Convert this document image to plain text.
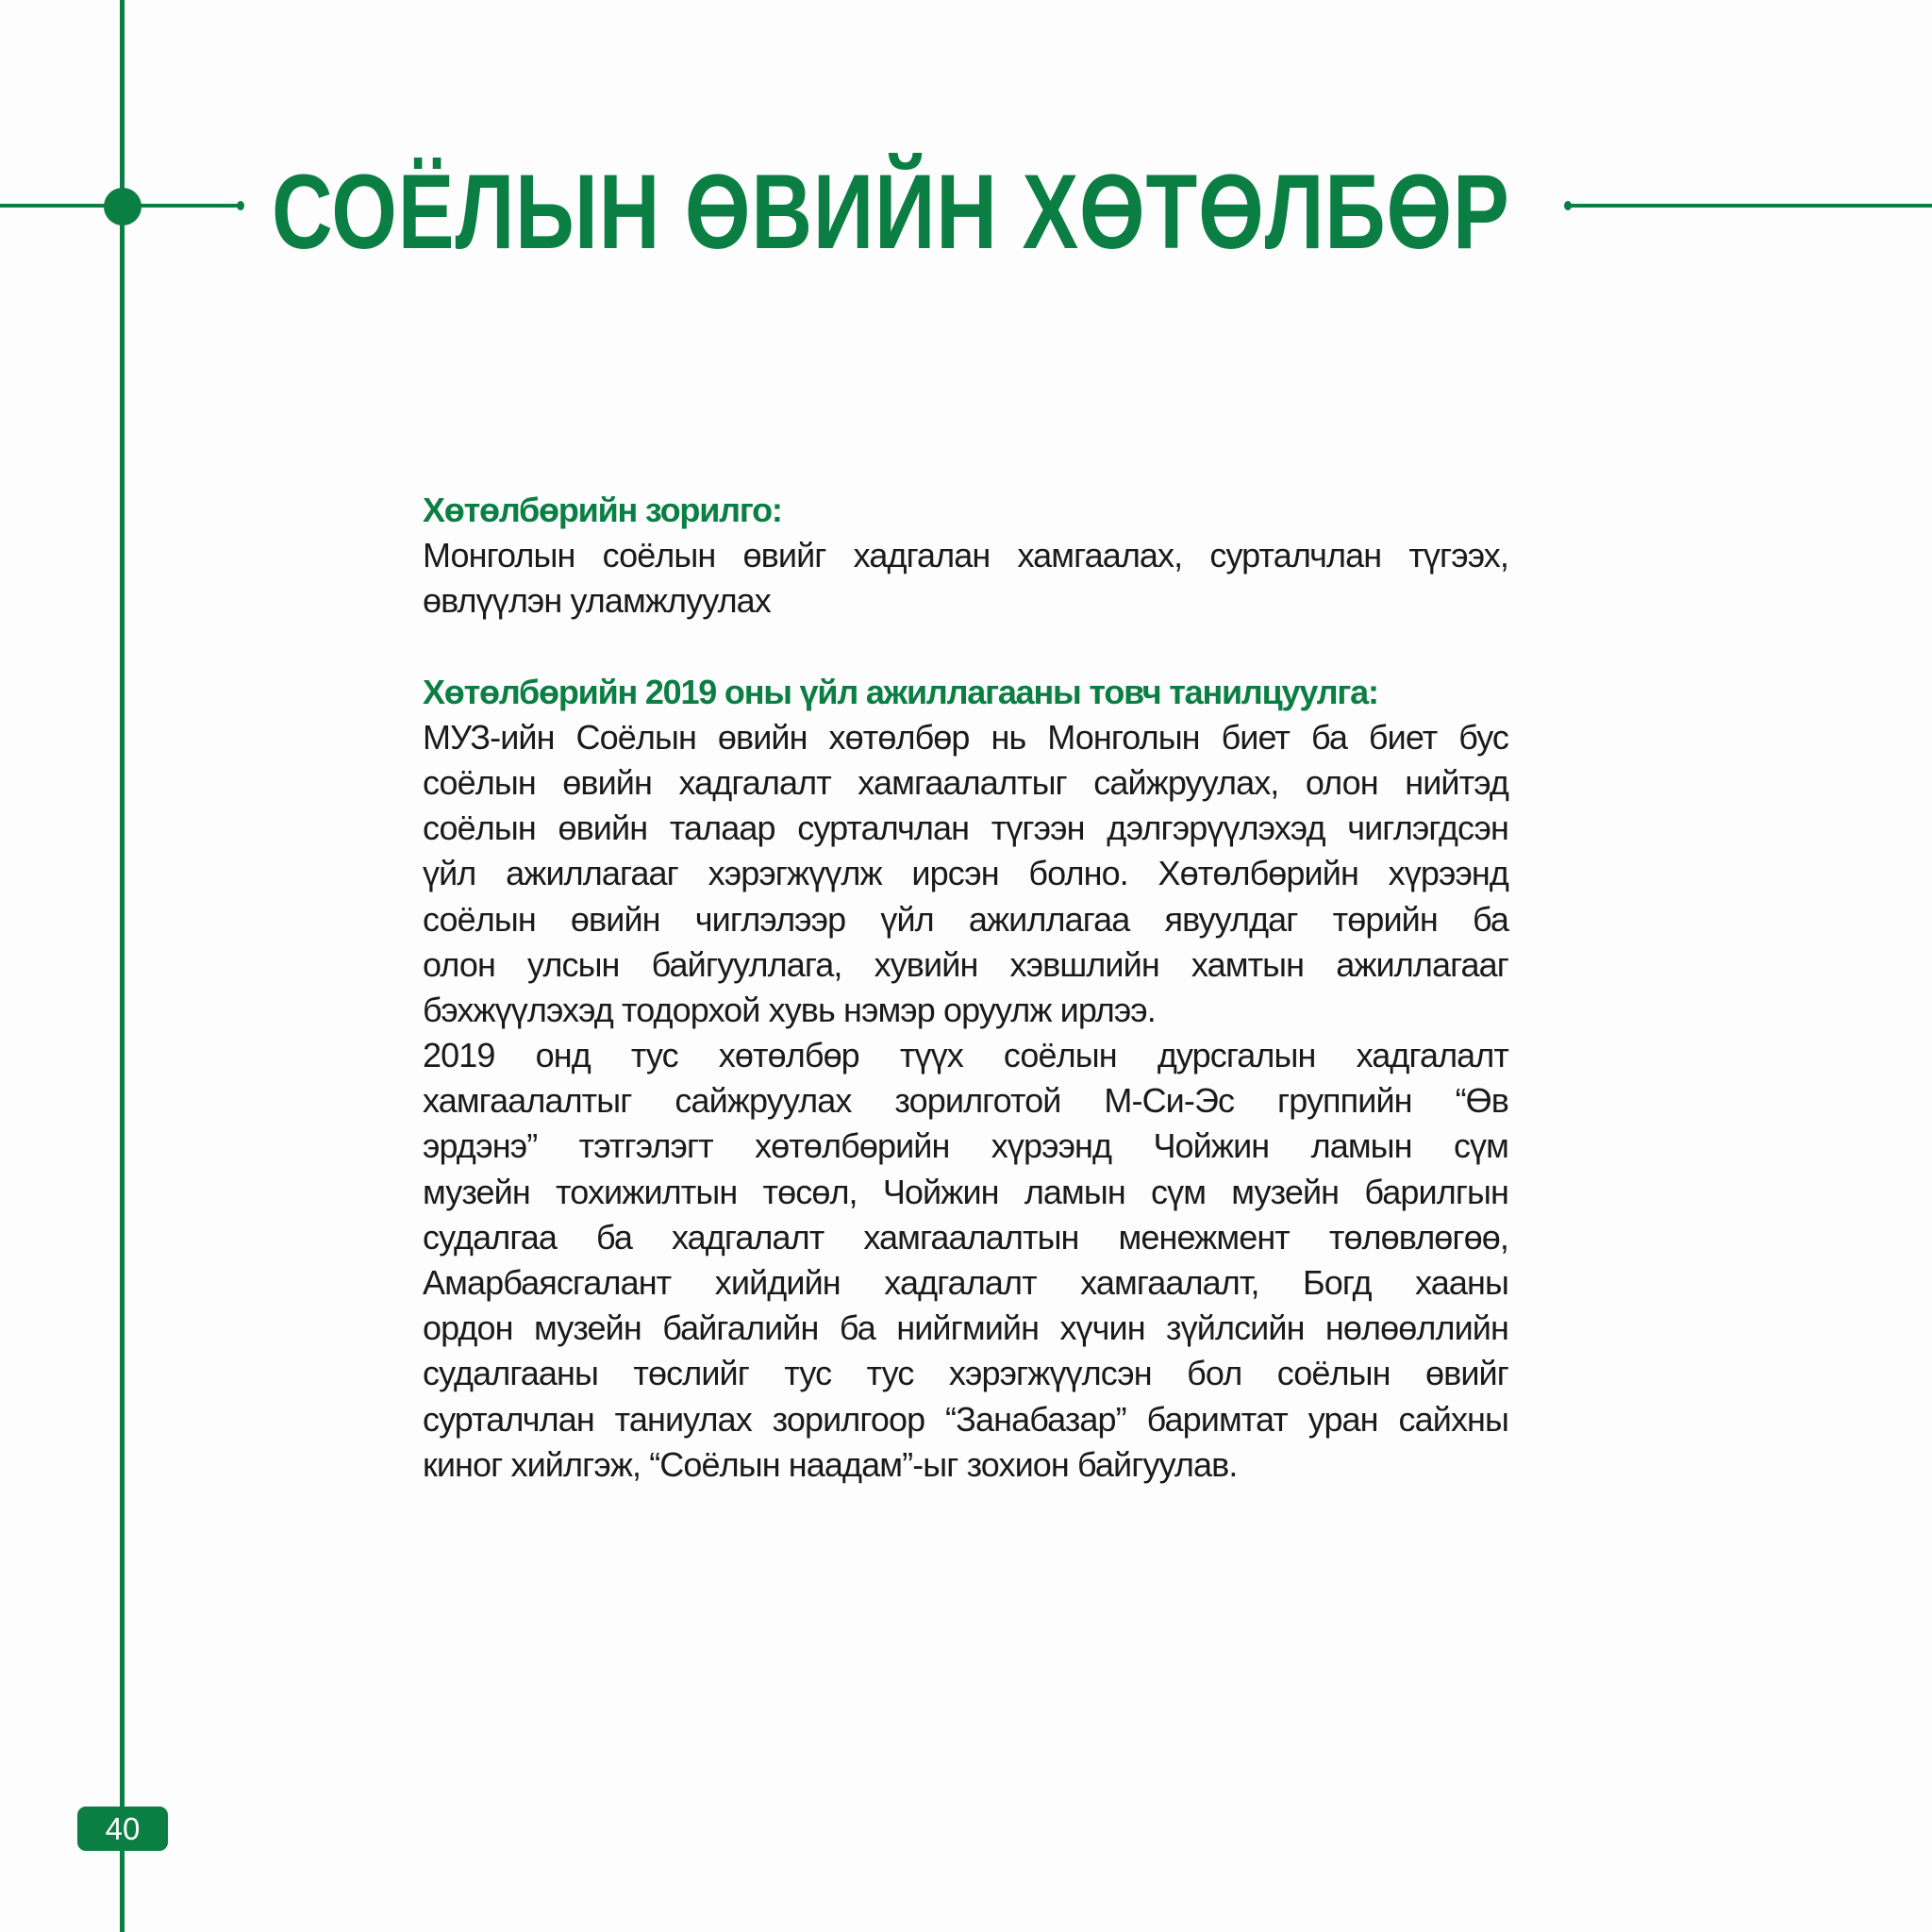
СОЁЛЫН ӨВИЙН ХӨТӨЛБӨР
Хөтөлбөрийн зорилго:
Монголын соёлын өвийг хадгалан хамгаалах, сурталчлан түгээх,
өвлүүлэн уламжлуулах
Хөтөлбөрийн 2019 оны үйл ажиллагааны товч танилцуулга:
МУЗ-ийн Соёлын өвийн хөтөлбөр нь Монголын биет ба биет бус
соёлын өвийн хадгалалт хамгаалалтыг сайжруулах, олон нийтэд
соёлын өвийн талаар сурталчлан түгээн дэлгэрүүлэхэд чиглэгдсэн
үйл ажиллагааг хэрэгжүүлж ирсэн болно. Хөтөлбөрийн хүрээнд
соёлын өвийн чиглэлээр үйл ажиллагаа явуулдаг төрийн ба
олон улсын байгууллага, хувийн хэвшлийн хамтын ажиллагааг
бэхжүүлэхэд тодорхой хувь нэмэр оруулж ирлээ.
2019 онд тус хөтөлбөр түүх соёлын дурсгалын хадгалалт
хамгаалалтыг сайжруулах зорилготой М-Си-Эс группийн “Өв
эрдэнэ” тэтгэлэгт хөтөлбөрийн хүрээнд Чойжин ламын сүм
музейн тохижилтын төсөл, Чойжин ламын сүм музейн барилгын
судалгаа ба хадгалалт хамгаалалтын менежмент төлөвлөгөө,
Амарбаясгалант хийдийн хадгалалт хамгаалалт, Богд хааны
ордон музейн байгалийн ба нийгмийн хүчин зүйлсийн нөлөөллийн
судалгааны төслийг тус тус хэрэгжүүлсэн бол соёлын өвийг
сурталчлан таниулах зорилгоор “Занабазар” баримтат уран сайхны
киног хийлгэж, “Соёлын наадам”-ыг зохион байгуулав.
40
